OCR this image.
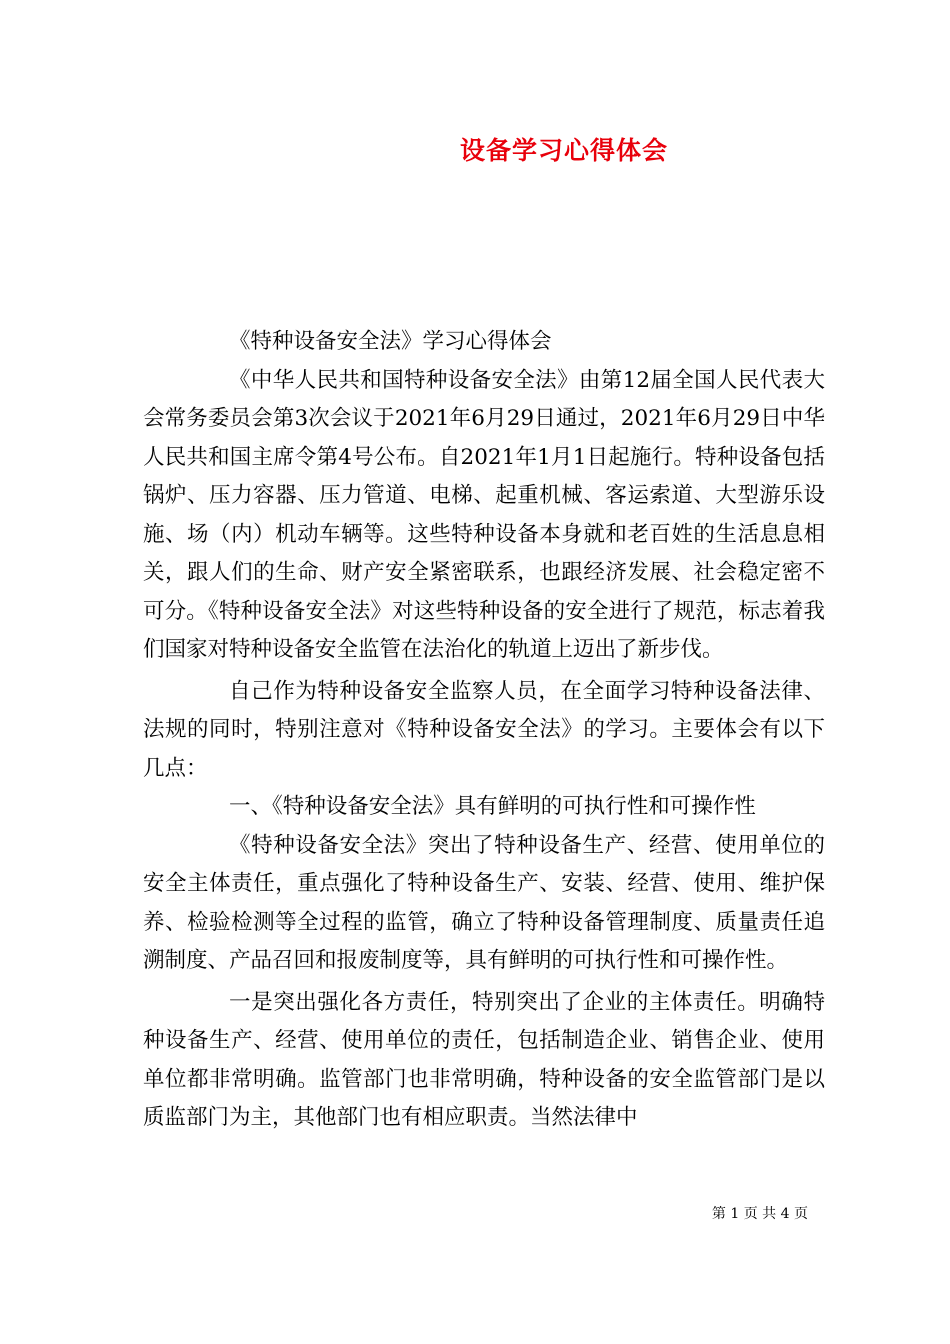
设备学习心得体会

《特种设备安全法》学习心得体会

《中华人民共和国特种设备安全法》由第12届全国人民代表大会常务委员会第3次会议于2021年6月29日通过，2021年6月29日中华人民共和国主席令第4号公布。自2021年1月1日起施行。特种设备包括锅炉、压力容器、压力管道、电梯、起重机械、客运索道、大型游乐设施、场（内）机动车辆等。这些特种设备本身就和老百姓的生活息息相关，跟人们的生命、财产安全紧密联系，也跟经济发展、社会稳定密不可分。《特种设备安全法》对这些特种设备的安全进行了规范，标志着我们国家对特种设备安全监管在法治化的轨道上迈出了新步伐。

自己作为特种设备安全监察人员，在全面学习特种设备法律、法规的同时，特别注意对《特种设备安全法》的学习。主要体会有以下几点：

一、《特种设备安全法》具有鲜明的可执行性和可操作性

《特种设备安全法》突出了特种设备生产、经营、使用单位的安全主体责任，重点强化了特种设备生产、安装、经营、使用、维护保养、检验检测等全过程的监管，确立了特种设备管理制度、质量责任追溯制度、产品召回和报废制度等，具有鲜明的可执行性和可操作性。

一是突出强化各方责任，特别突出了企业的主体责任。明确特种设备生产、经营、使用单位的责任，包括制造企业、销售企业、使用单位都非常明确。监管部门也非常明确，特种设备的安全监管部门是以质监部门为主，其他部门也有相应职责。当然法律中

第 1 页 共 4 页
